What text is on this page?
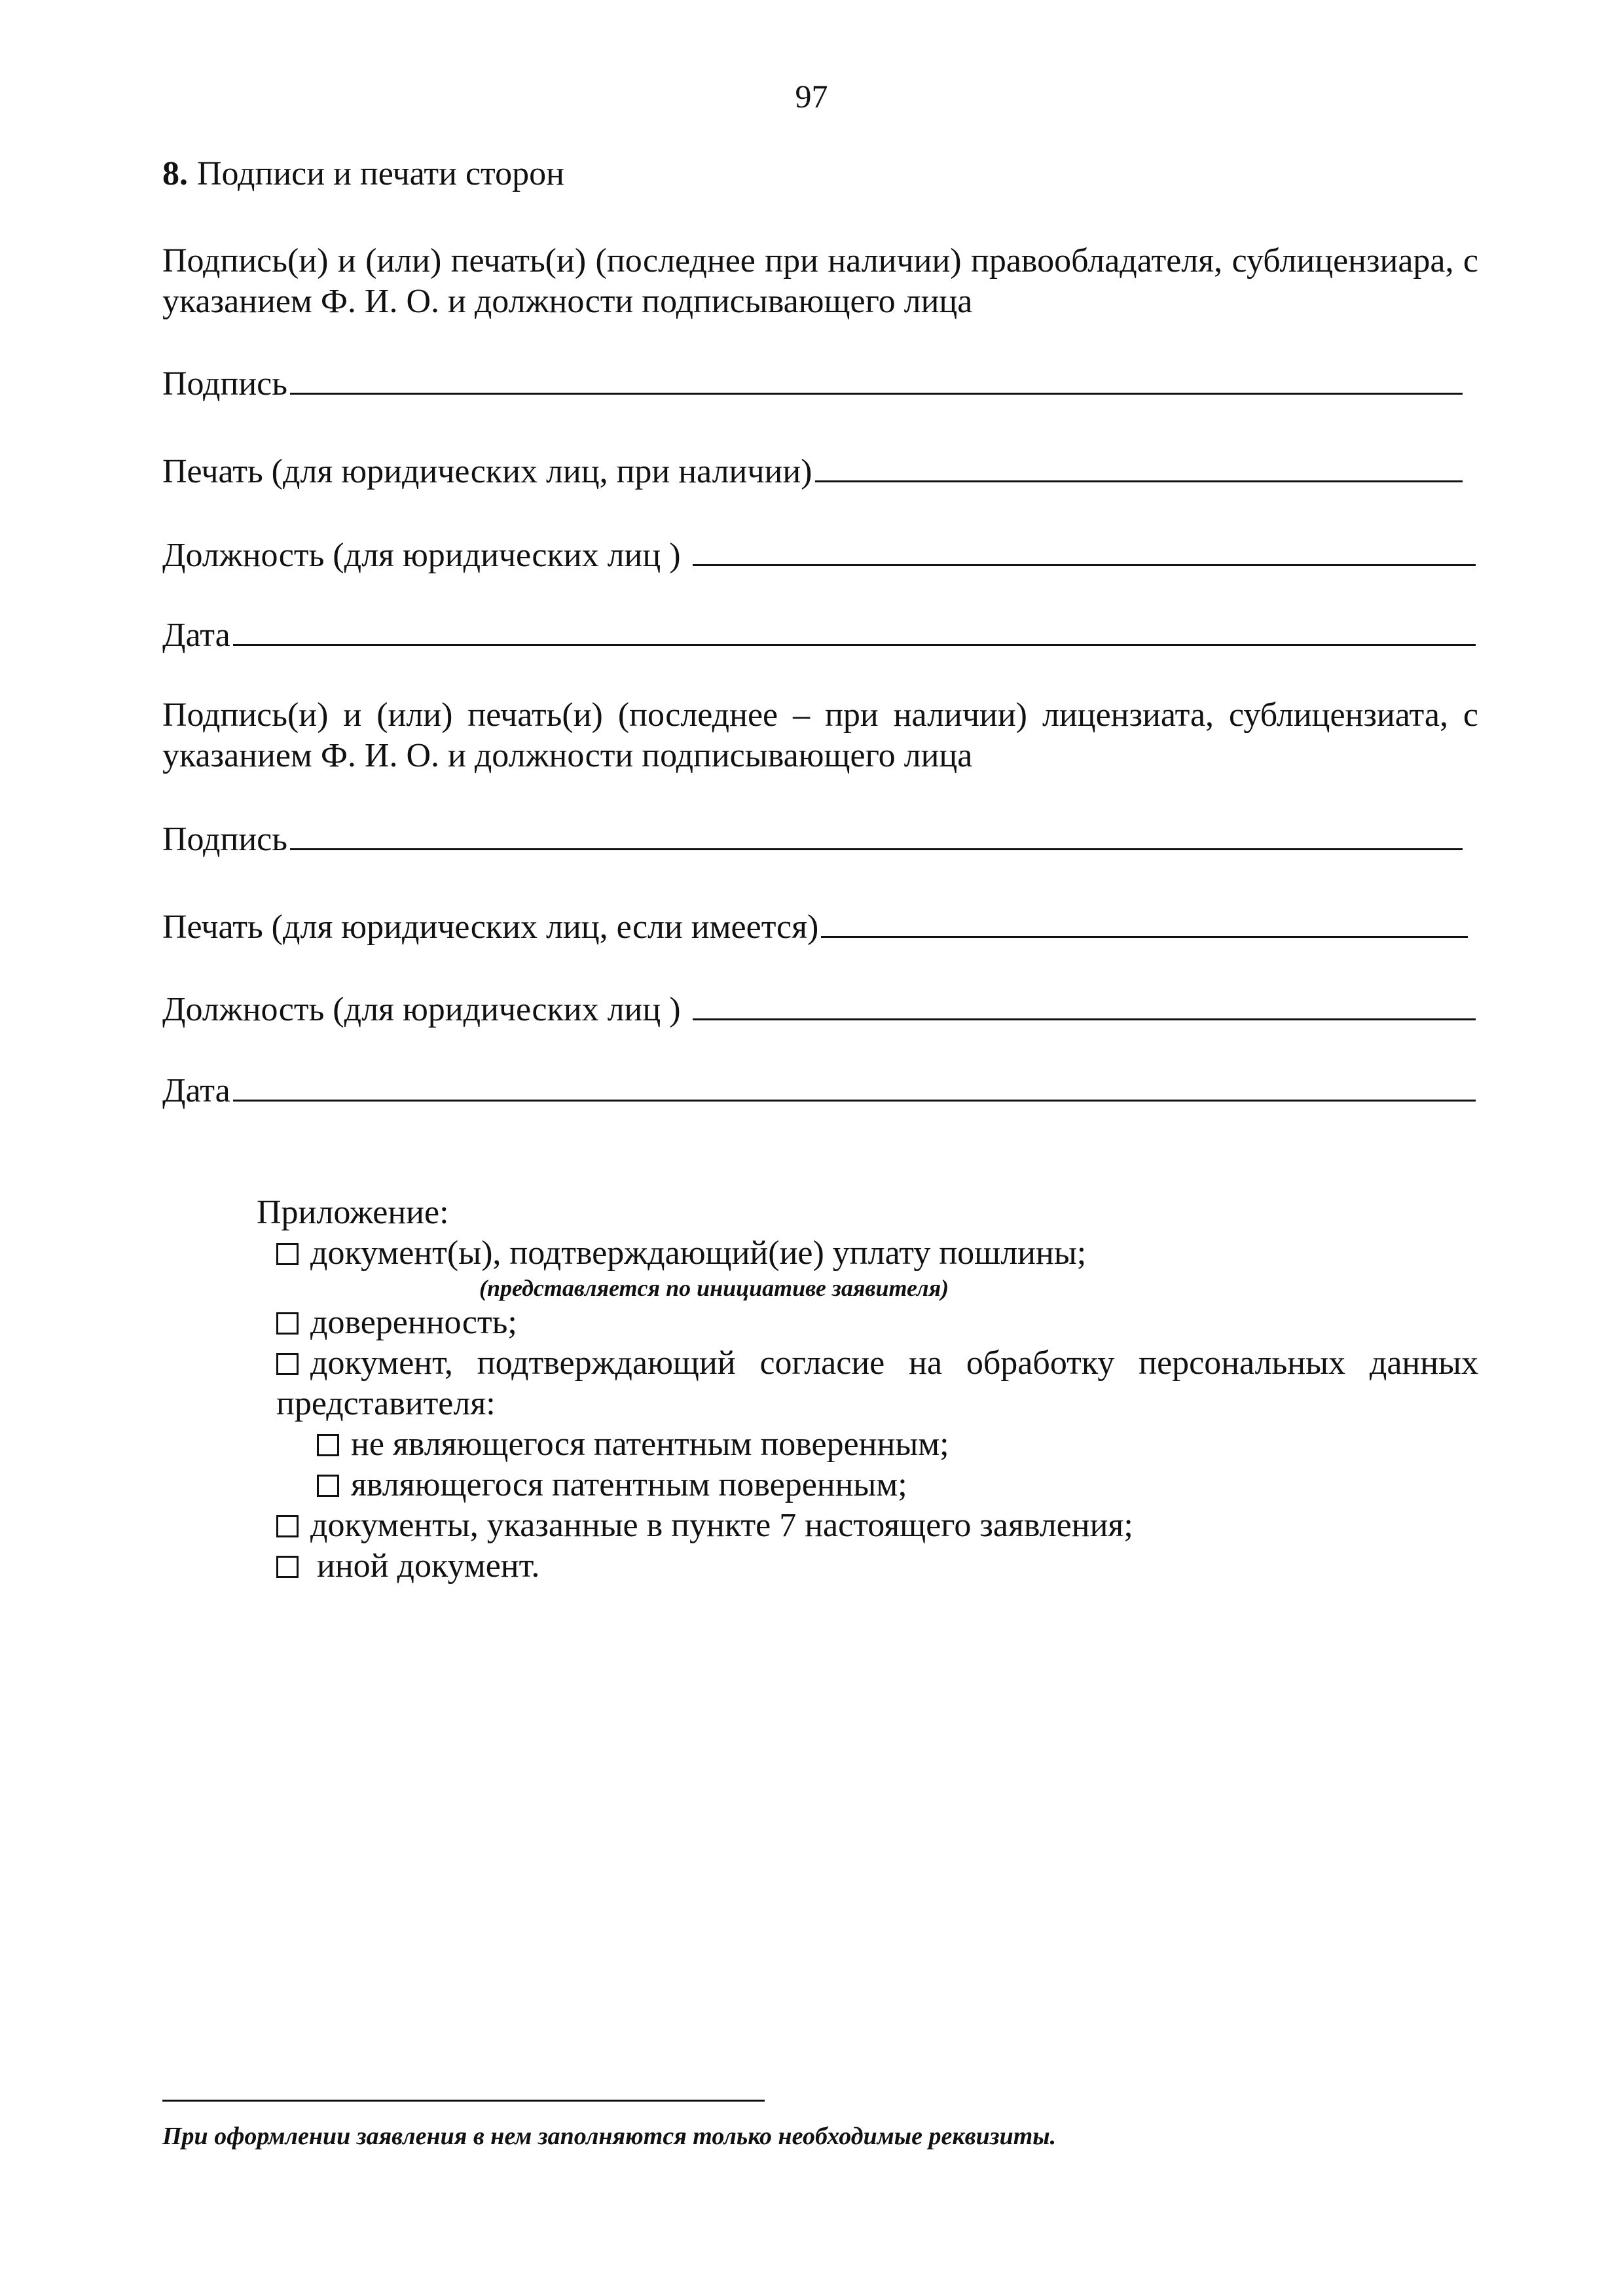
97
8. Подписи и печати сторон
Подпись(и) и (или) печать(и) (последнее при наличии) правообладателя, сублицензиара, с указанием Ф. И. О. и должности подписывающего лица
Подпись
Печать (для юридических лиц, при наличии)
Должность (для юридических лиц )
Дата
Подпись(и) и (или) печать(и) (последнее – при наличии) лицензиата, сублицензиата, с указанием Ф. И. О. и должности подписывающего лица
Подпись
Печать (для юридических лиц, если имеется)
Должность (для юридических лиц )
Дата
Приложение:
документ(ы), подтверждающий(ие) уплату пошлины;
(представляется по инициативе заявителя)
доверенность;
документ, подтверждающий согласие на обработку персональных данных представителя:
не являющегося патентным поверенным;
являющегося патентным поверенным;
документы, указанные в пункте 7 настоящего заявления;
иной документ.
При оформлении заявления в нем заполняются только необходимые реквизиты.
